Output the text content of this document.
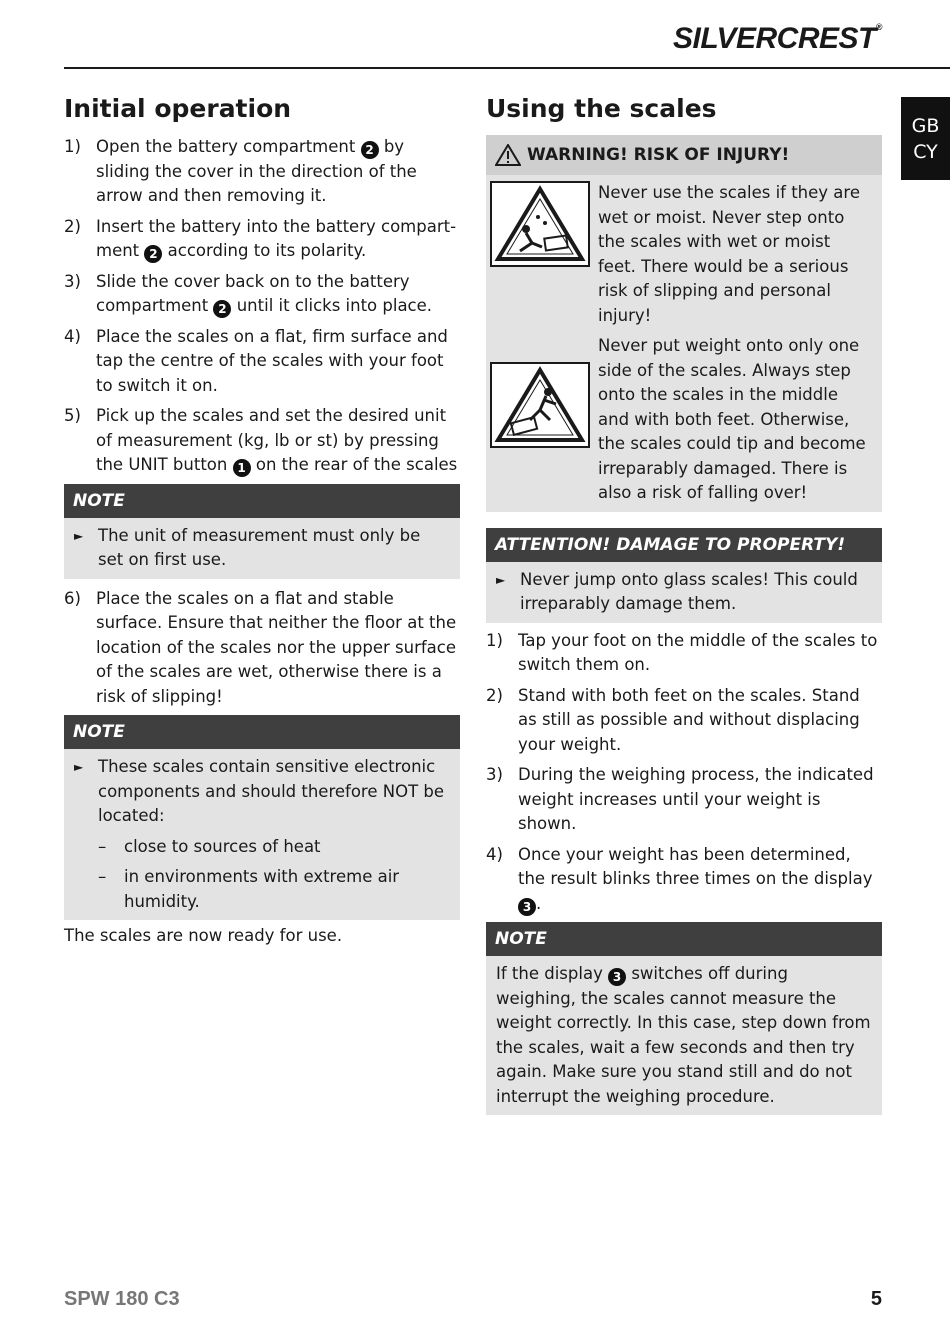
SILVERCREST®
GB
CY
Initial operation
1) Open the battery compartment 2 by sliding the cover in the direction of the arrow and then removing it.
2) Insert the battery into the battery compartment 2 according to its polarity.
3) Slide the cover back on to the battery compartment 2 until it clicks into place.
4) Place the scales on a flat, firm surface and tap the centre of the scales with your foot to switch it on.
5) Pick up the scales and set the desired unit of measurement (kg, lb or st) by pressing the UNIT button 1 on the rear of the scales
NOTE
► The unit of measurement must only be set on first use.
6) Place the scales on a flat and stable surface. Ensure that neither the floor at the location of the scales nor the upper surface of the scales are wet, otherwise there is a risk of slipping!
NOTE
► These scales contain sensitive electronic components and should therefore NOT be located:
–	close to sources of heat
–	in environments with extreme air humidity.

The scales are now ready for use.

Using the scales
WARNING! RISK OF INJURY!
Never use the scales if they are wet or moist. Never step onto the scales with wet or moist feet. There would be a serious risk of slipping and personal injury!
Never put weight onto only one side of the scales. Always step onto the scales in the middle and with both feet. Otherwise, the scales could tip and become irreparably damaged. There is also a risk of falling over!
ATTENTION! DAMAGE TO PROPERTY!
► Never jump onto glass scales! This could irreparably damage them.
1) Tap your foot on the middle of the scales to switch them on.
2) Stand with both feet on the scales. Stand as still as possible and without displacing your weight.
3) During the weighing process, the indicated weight increases until your weight is shown.
4) Once your weight has been determined, the result blinks three times on the display 3 .
NOTE
If the display 3 switches off during weighing, the scales cannot measure the weight correctly. In this case, step down from the scales, wait a few seconds and then try again. Make sure you stand still and do not interrupt the weighing procedure.
SPW 180 C3	5
